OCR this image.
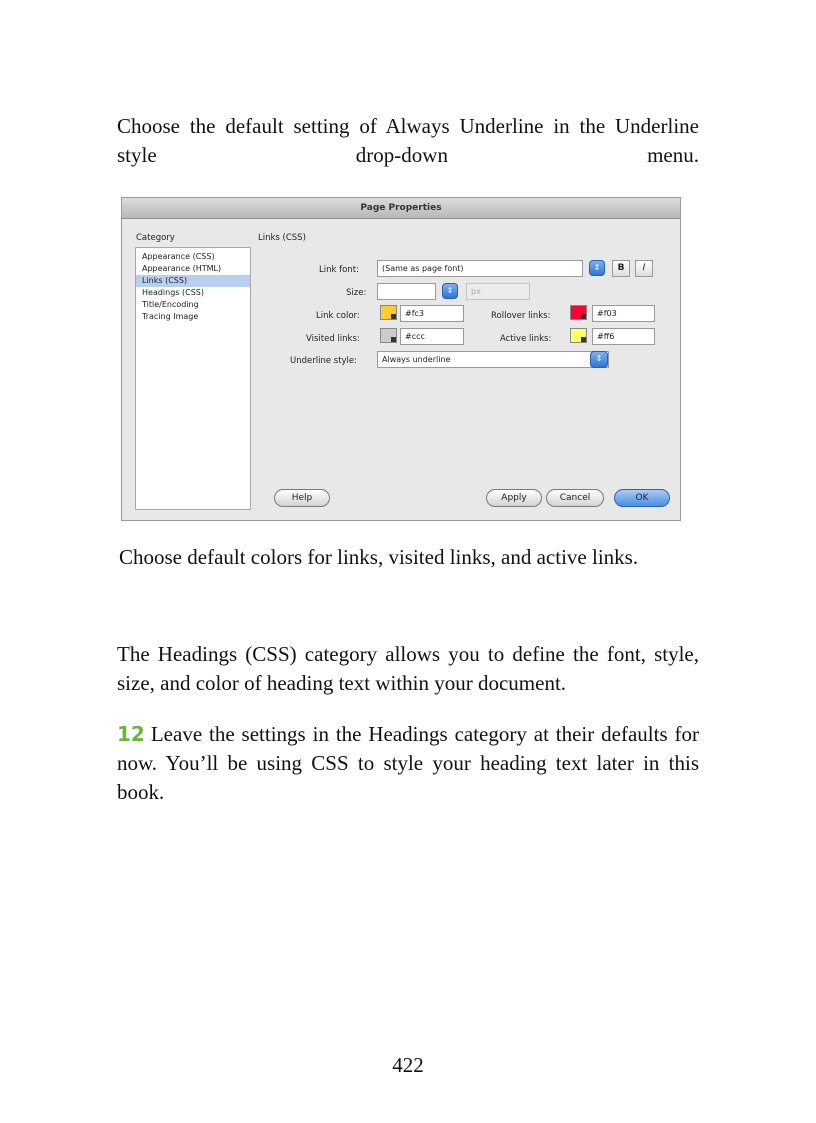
Choose the default setting of Always Underline in the Underline style drop-down menu.

Page Properties
Category	Links (CSS)
Appearance (CSS)
Appearance (HTML)
Links (CSS)
Headings (CSS)
Title/Encoding
Tracing Image
Link font:	(Same as page font)	⇕	B	I
Size:	⇕	px
Link color:	#fc3	Rollover links:	#f03
Visited links:	#ccc	Active links:	#ff6
Underline style:	Always underline	⇕
Help	Apply	Cancel	OK

Choose default colors for links, visited links, and active links.

The Headings (CSS) category allows you to define the font, style, size, and color of heading text within your document.

12 Leave the settings in the Headings category at their defaults for now. You’ll be using CSS to style your heading text later in this book.

422
